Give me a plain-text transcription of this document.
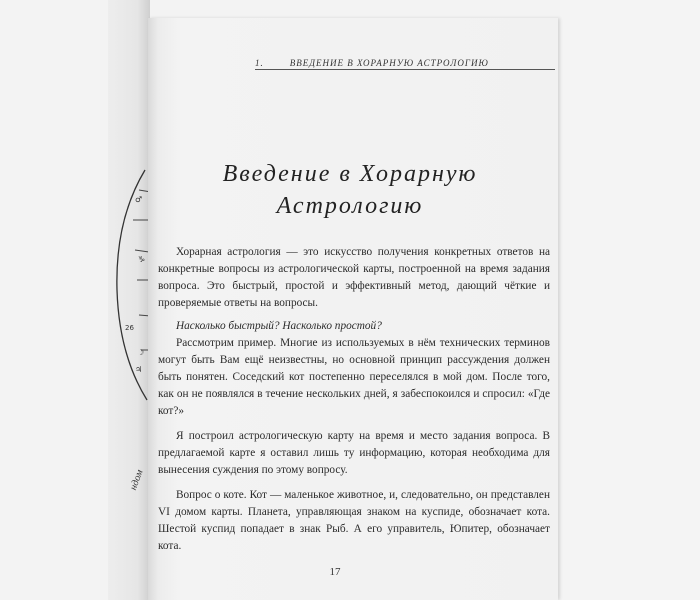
♂
♑
26
☽
♃
ндом
1.	ВВЕДЕНИЕ В ХОРАРНУЮ АСТРОЛОГИЮ
Введение в Хорарную
Астрологию

Хорарная астрология — это искусство получения конкретных ответов на конкретные вопросы из астрологической карты, построенной на время задания вопроса. Это быстрый, простой и эффективный метод, дающий чёткие и проверяемые ответы на вопросы.

Насколько быстрый? Насколько простой?

Рассмотрим пример. Многие из используемых в нём технических терминов могут быть Вам ещё неизвестны, но основной принцип рассуждения должен быть понятен. Соседский кот постепенно переселялся в мой дом. После того, как он не появлялся в течение нескольких дней, я забеспокоился и спросил: «Где кот?»

Я построил астрологическую карту на время и место задания вопроса. В предлагаемой карте я оставил лишь ту информацию, которая необходима для вынесения суждения по этому вопросу.

Вопрос о коте. Кот — маленькое животное, и, следовательно, он представлен VI домом карты. Планета, управляющая знаком на куспиде, обозначает кота. Шестой куспид попадает в знак Рыб. А его управитель, Юпитер, обозначает кота.

17
